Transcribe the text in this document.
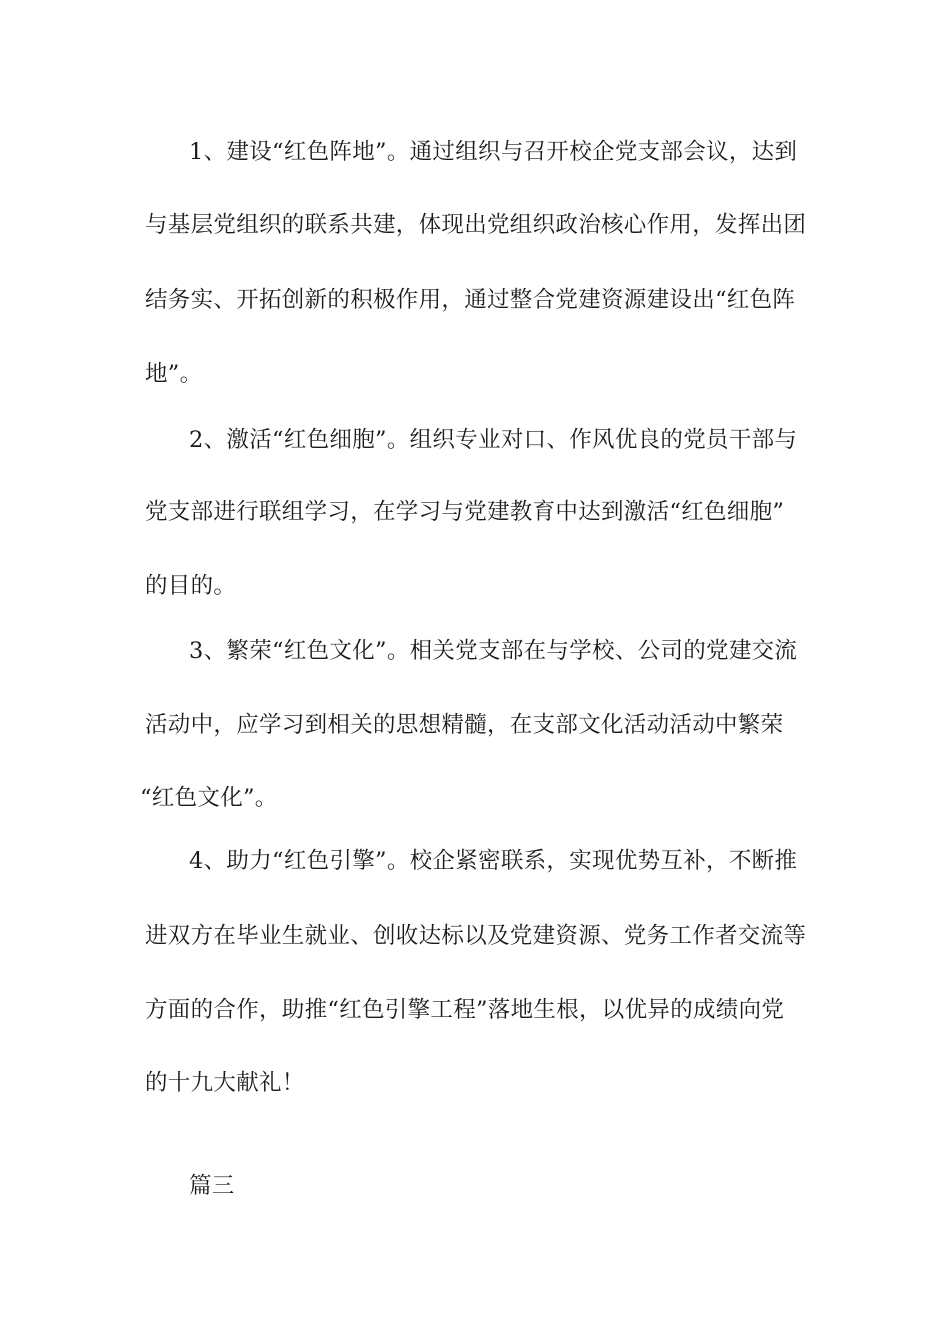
1、建设“红色阵地”。通过组织与召开校企党支部会议，达到
与基层党组织的联系共建，体现出党组织政治核心作用，发挥出团
结务实、开拓创新的积极作用，通过整合党建资源建设出“红色阵
地”。
2、激活“红色细胞”。组织专业对口、作风优良的党员干部与
党支部进行联组学习，在学习与党建教育中达到激活“红色细胞”
的目的。
3、繁荣“红色文化”。相关党支部在与学校、公司的党建交流
活动中，应学习到相关的思想精髓，在支部文化活动活动中繁荣
“红色文化”。
4、助力“红色引擎”。校企紧密联系，实现优势互补，不断推
进双方在毕业生就业、创收达标以及党建资源、党务工作者交流等
方面的合作，助推“红色引擎工程”落地生根，以优异的成绩向党
的十九大献礼！
篇三
